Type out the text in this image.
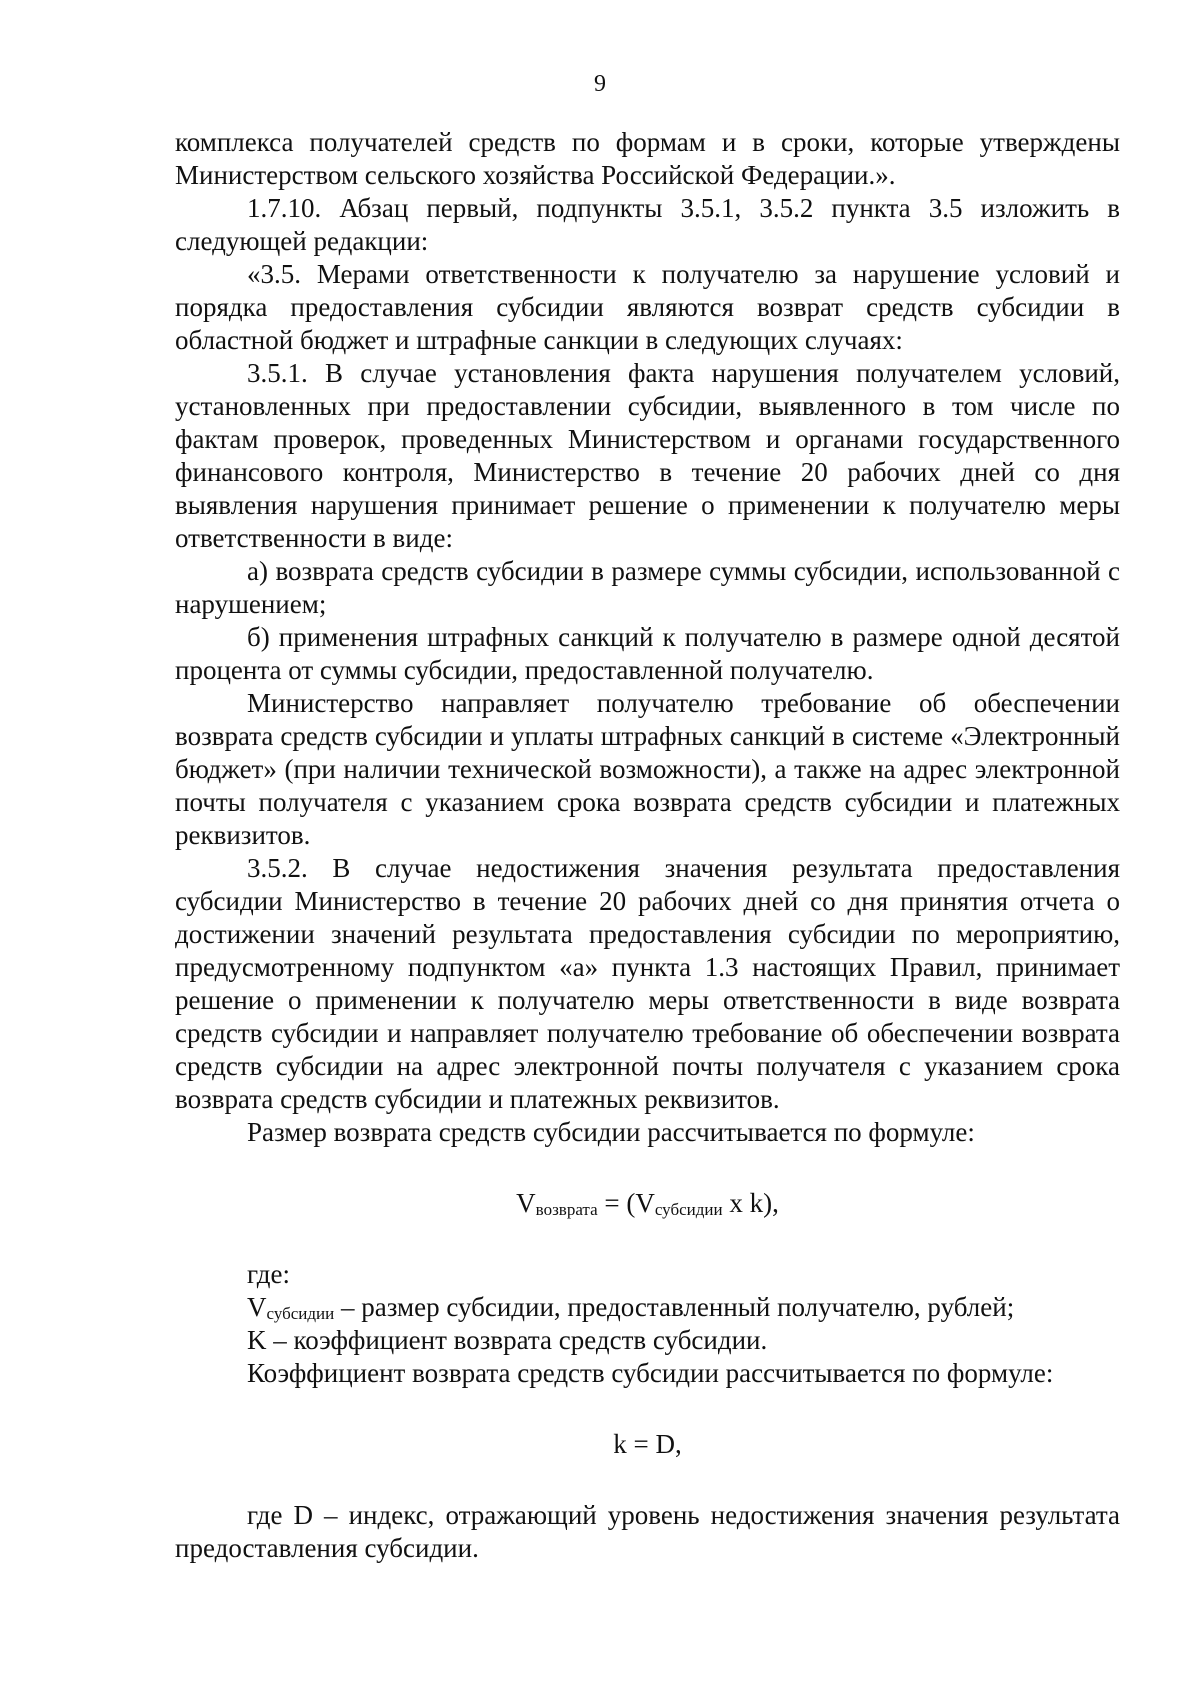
9

комплекса получателей средств по формам и в сроки, которые утверждены Министерством сельского хозяйства Российской Федерации.».

1.7.10. Абзац первый, подпункты 3.5.1, 3.5.2 пункта 3.5 изложить в следующей редакции:

«3.5. Мерами ответственности к получателю за нарушение условий и порядка предоставления субсидии являются возврат средств субсидии в областной бюджет и штрафные санкции в следующих случаях:

3.5.1. В случае установления факта нарушения получателем условий, установленных при предоставлении субсидии, выявленного в том числе по фактам проверок, проведенных Министерством и органами государственного финансового контроля, Министерство в течение 20 рабочих дней со дня выявления нарушения принимает решение о применении к получателю меры ответственности в виде:

а) возврата средств субсидии в размере суммы субсидии, использованной с нарушением;

б) применения штрафных санкций к получателю в размере одной десятой процента от суммы субсидии, предоставленной получателю.

Министерство направляет получателю требование об обеспечении возврата средств субсидии и уплаты штрафных санкций в системе «Электронный бюджет» (при наличии технической возможности), а также на адрес электронной почты получателя с указанием срока возврата средств субсидии и платежных реквизитов.

3.5.2. В случае недостижения значения результата предоставления субсидии Министерство в течение 20 рабочих дней со дня принятия отчета о достижении значений результата предоставления субсидии по мероприятию, предусмотренному подпунктом «а» пункта 1.3 настоящих Правил, принимает решение о применении к получателю меры ответственности в виде возврата средств субсидии и направляет получателю требование об обеспечении возврата средств субсидии на адрес электронной почты получателя с указанием срока возврата средств субсидии и платежных реквизитов.

Размер возврата средств субсидии рассчитывается по формуле:

Vвозврата = (Vсубсидии x k),

где:

Vсубсидии – размер субсидии, предоставленный получателю, рублей;

K – коэффициент возврата средств субсидии.

Коэффициент возврата средств субсидии рассчитывается по формуле:

k = D,

где D – индекс, отражающий уровень недостижения значения результата предоставления субсидии.
